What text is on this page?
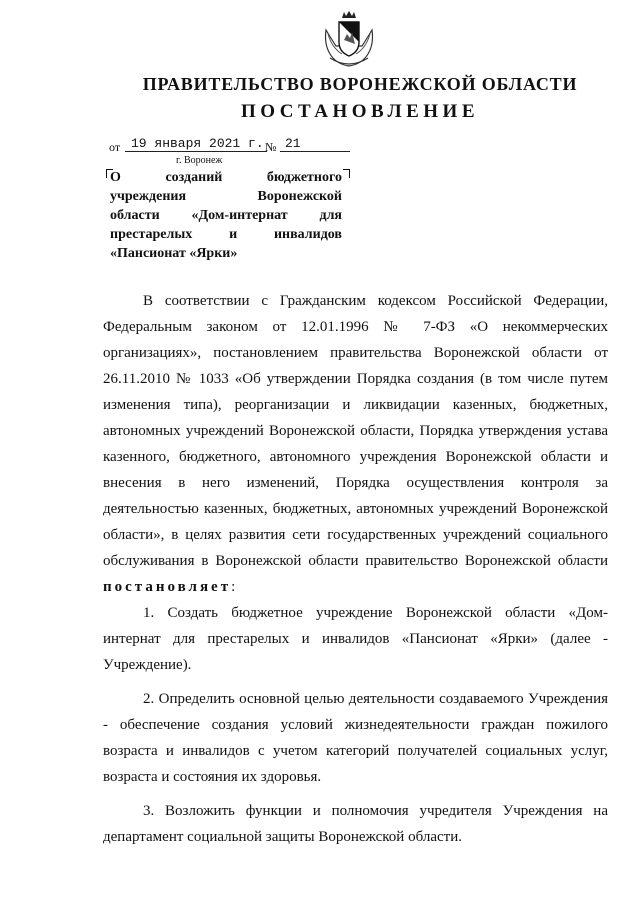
ПРАВИТЕЛЬСТВО ВОРОНЕЖСКОЙ ОБЛАСТИ
ПОСТАНОВЛЕНИЕ
от 19 января 2021 г. № 21
г. Воронеж
О созданий бюджетного
учреждения Воронежской
области «Дом-интернат для
престарелых и инвалидов
«Пансионат «Ярки»
В соответствии с Гражданским кодексом Российской Федерации,
Федеральным законом от 12.01.1996 № 7-ФЗ «О некоммерческих
организациях», постановлением правительства Воронежской области от
26.11.2010 № 1033 «Об утверждении Порядка создания (в том числе путем
изменения типа), реорганизации и ликвидации казенных, бюджетных,
автономных учреждений Воронежской области, Порядка утверждения устава
казенного, бюджетного, автономного учреждения Воронежской области и
внесения в него изменений, Порядка осуществления контроля за
деятельностью казенных, бюджетных, автономных учреждений Воронежской
области», в целях развития сети государственных учреждений социального
обслуживания в Воронежской области правительство Воронежской области
постановляет:
1. Создать бюджетное учреждение Воронежской области «Дом-
интернат для престарелых и инвалидов «Пансионат «Ярки» (далее -
Учреждение).
2. Определить основной целью деятельности создаваемого Учреждения
- обеспечение создания условий жизнедеятельности граждан пожилого
возраста и инвалидов с учетом категорий получателей социальных услуг,
возраста и состояния их здоровья.
3. Возложить функции и полномочия учредителя Учреждения на
департамент социальной защиты Воронежской области.
